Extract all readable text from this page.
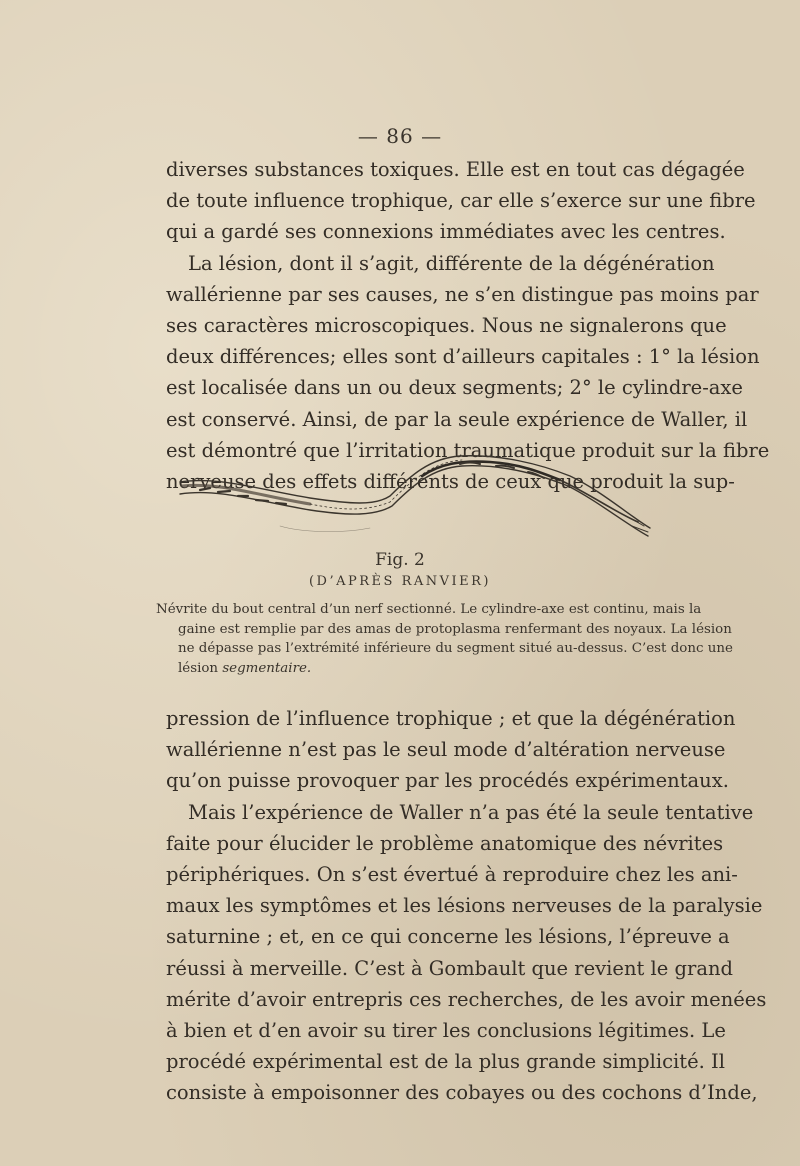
— 86 —
diverses substances toxiques. Elle est en tout cas dégagée
de toute influence trophique, car elle s’exerce sur une fibre
qui a gardé ses connexions immédiates avec les centres.
La lésion, dont il s’agit, différente de la dégénération
wallérienne par ses causes, ne s’en distingue pas moins par
ses caractères microscopiques. Nous ne signalerons que
deux différences; elles sont d’ailleurs capitales : 1° la lésion
est localisée dans un ou deux segments; 2° le cylindre-axe
est conservé. Ainsi, de par la seule expérience de Waller, il
est démontré que l’irritation traumatique produit sur la fibre
nerveuse des effets différents de ceux que produit la sup-
Fig. 2
(D’APRÈS RANVIER)
Névrite du bout central d’un nerf sectionné. Le cylindre-axe est continu, mais la
gaine est remplie par des amas de protoplasma renfermant des noyaux. La lésion
ne dépasse pas l’extrémité inférieure du segment situé au-dessus. C’est donc une
lésion segmentaire.
pression de l’influence trophique ; et que la dégénération
wallérienne n’est pas le seul mode d’altération nerveuse
qu’on puisse provoquer par les procédés expérimentaux.
Mais l’expérience de Waller n’a pas été la seule tentative
faite pour élucider le problème anatomique des névrites
périphériques. On s’est évertué à reproduire chez les ani-
maux les symptômes et les lésions nerveuses de la paralysie
saturnine ; et, en ce qui concerne les lésions, l’épreuve a
réussi à merveille. C’est à Gombault que revient le grand
mérite d’avoir entrepris ces recherches, de les avoir menées
à bien et d’en avoir su tirer les conclusions légitimes. Le
procédé expérimental est de la plus grande simplicité. Il
consiste à empoisonner des cobayes ou des cochons d’Inde,
